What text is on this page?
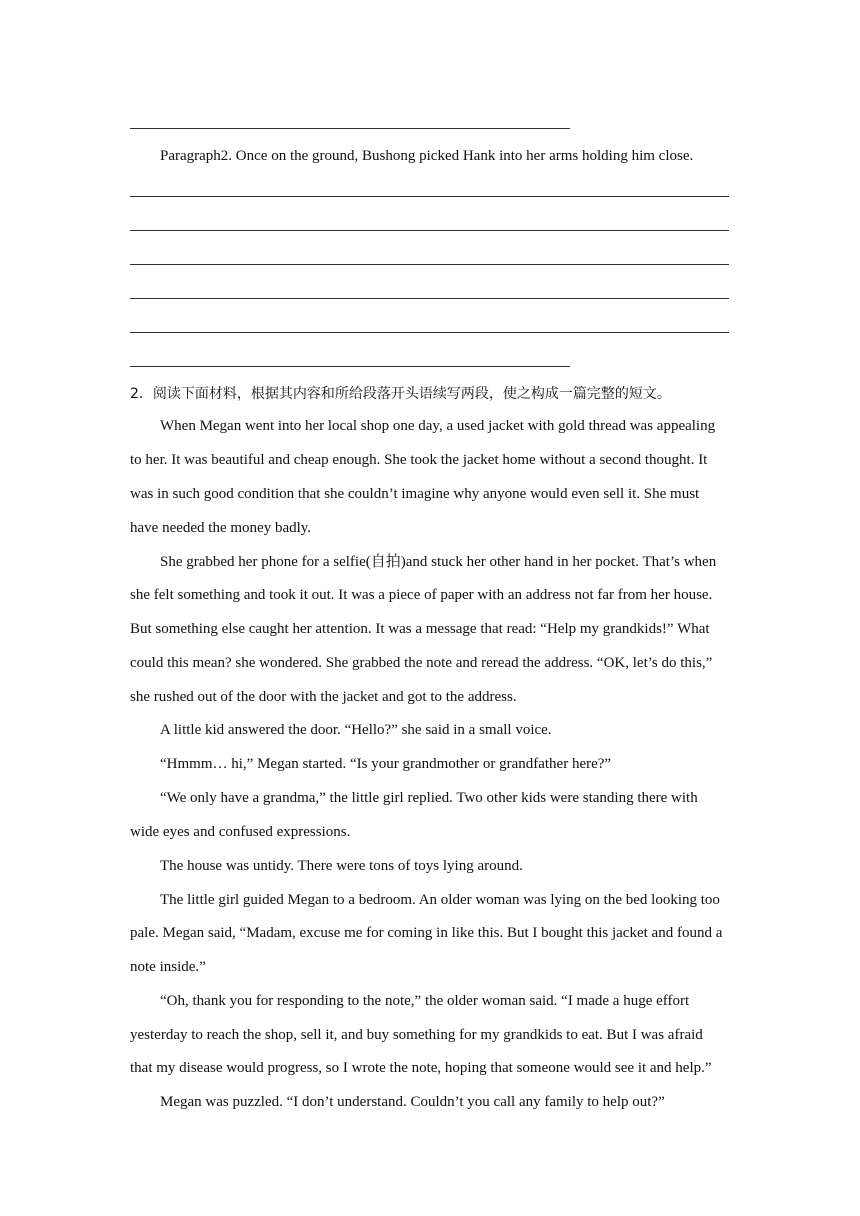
Paragraph2. Once on the ground, Bushong picked Hank into her arms holding him close.
2．阅读下面材料，根据其内容和所给段落开头语续写两段，使之构成一篇完整的短文。
When Megan went into her local shop one day, a used jacket with gold thread was appealing
to her. It was beautiful and cheap enough. She took the jacket home without a second thought. It
was in such good condition that she couldn’t imagine why anyone would even sell it. She must
have needed the money badly.
She grabbed her phone for a selfie(自拍)and stuck her other hand in her pocket. That’s when
she felt something and took it out. It was a piece of paper with an address not far from her house.
But something else caught her attention. It was a message that read: “Help my grandkids!” What
could this mean? she wondered. She grabbed the note and reread the address. “OK, let’s do this,”
she rushed out of the door with the jacket and got to the address.
A little kid answered the door. “Hello?” she said in a small voice.
“Hmmm… hi,” Megan started. “Is your grandmother or grandfather here?”
“We only have a grandma,” the little girl replied. Two other kids were standing there with
wide eyes and confused expressions.
The house was untidy. There were tons of toys lying around.
The little girl guided Megan to a bedroom. An older woman was lying on the bed looking too
pale. Megan said, “Madam, excuse me for coming in like this. But I bought this jacket and found a
note inside.”
“Oh, thank you for responding to the note,” the older woman said. “I made a huge effort
yesterday to reach the shop, sell it, and buy something for my grandkids to eat. But I was afraid
that my disease would progress, so I wrote the note, hoping that someone would see it and help.”
Megan was puzzled. “I don’t understand. Couldn’t you call any family to help out?”
